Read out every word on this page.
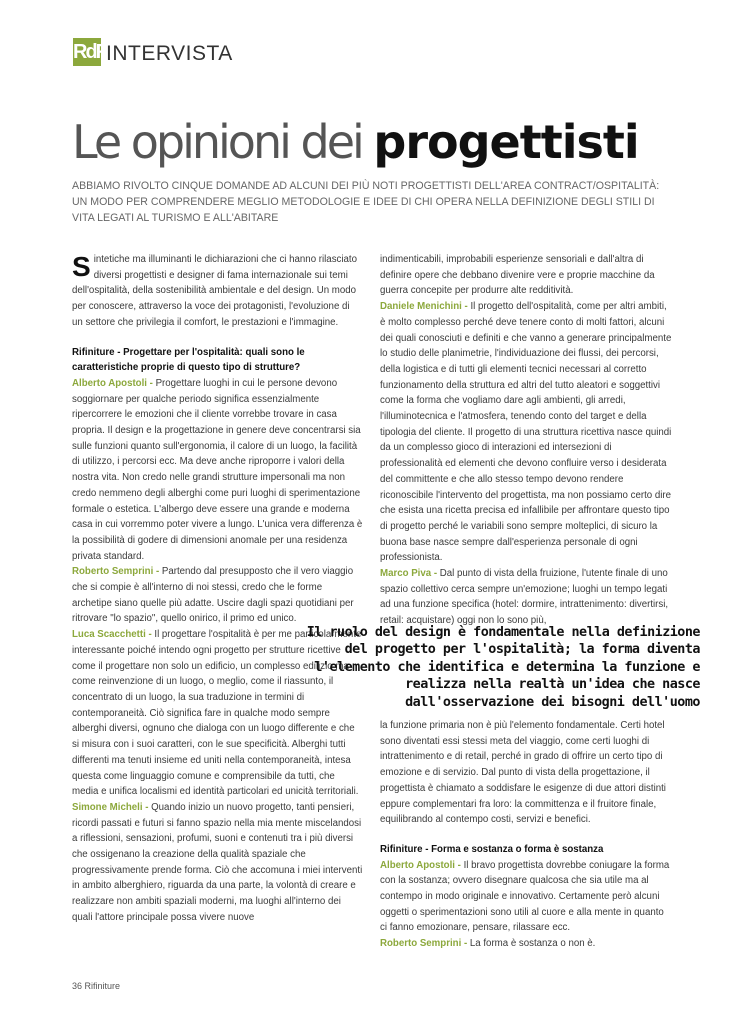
RdF INTERVISTA
Le opinioni dei progettisti
ABBIAMO RIVOLTO CINQUE DOMANDE AD ALCUNI DEI PIÙ NOTI PROGETTISTI DELL'AREA CONTRACT/OSPITALITÀ: UN MODO PER COMPRENDERE MEGLIO METODOLOGIE E IDEE DI CHI OPERA NELLA DEFINIZIONE DEGLI STILI DI VITA LEGATI AL TURISMO E ALL'ABITARE

Sintetiche ma illuminanti le dichiarazioni che ci hanno rilasciato diversi progettisti e designer di fama internazionale sui temi dell'ospitalità, della sostenibilità ambientale e del design. Un modo per conoscere, attraverso la voce dei protagonisti, l'evoluzione di un settore che privilegia il comfort, le prestazioni e l'immagine.

Rifiniture - Progettare per l'ospitalità: quali sono le caratteristiche proprie di questo tipo di strutture?

Alberto Apostoli - Progettare luoghi in cui le persone devono soggiornare per qualche periodo significa essenzialmente ripercorrere le emozioni che il cliente vorrebbe trovare in casa propria. Il design e la progettazione in genere deve concentrarsi sia sulle funzioni quanto sull'ergonomia, il calore di un luogo, la facilità di utilizzo, i percorsi ecc. Ma deve anche riproporre i valori della nostra vita. Non credo nelle grandi strutture impersonali ma non credo nemmeno degli alberghi come puri luoghi di sperimentazione formale o estetica. L'albergo deve essere una grande e moderna casa in cui vorremmo poter vivere a lungo. L'unica vera differenza è la possibilità di godere di dimensioni anomale per una residenza privata standard.

Roberto Semprini - Partendo dal presupposto che il vero viaggio che si compie è all'interno di noi stessi, credo che le forme archetipe siano quelle più adatte. Uscire dagli spazi quotidiani per ritrovare "lo spazio", quello onirico, il primo ed unico.

Luca Scacchetti - Il progettare l'ospitalità è per me particolarmente interessante poiché intendo ogni progetto per strutture ricettive come il progettare non solo un edificio, un complesso edilizio ma come reinvenzione di un luogo, o meglio, come il riassunto, il concentrato di un luogo, la sua traduzione in termini di contemporaneità. Ciò significa fare in qualche modo sempre alberghi diversi, ognuno che dialoga con un luogo differente e che si misura con i suoi caratteri, con le sue specificità. Alberghi tutti differenti ma tenuti insieme ed uniti nella contemporaneità, intesa questa come linguaggio comune e comprensibile da tutti, che media e unifica localismi ed identità particolari ed unicità territoriali.

Simone Micheli - Quando inizio un nuovo progetto, tanti pensieri, ricordi passati e futuri si fanno spazio nella mia mente miscelandosi a riflessioni, sensazioni, profumi, suoni e contenuti tra i più diversi che ossigenano la creazione della qualità spaziale che progressivamente prende forma. Ciò che accomuna i miei interventi in ambito alberghiero, riguarda da una parte, la volontà di creare e realizzare non ambiti spaziali moderni, ma luoghi all'interno dei quali l'attore principale possa vivere nuove

indimenticabili, improbabili esperienze sensoriali e dall'altra di definire opere che debbano divenire vere e proprie macchine da guerra concepite per produrre alte redditività.

Daniele Menichini - Il progetto dell'ospitalità, come per altri ambiti, è molto complesso perché deve tenere conto di molti fattori, alcuni dei quali conosciuti e definiti e che vanno a generare principalmente lo studio delle planimetrie, l'individuazione dei flussi, dei percorsi, della logistica e di tutti gli elementi tecnici necessari al corretto funzionamento della struttura ed altri del tutto aleatori e soggettivi come la forma che vogliamo dare agli ambienti, gli arredi, l'illuminotecnica e l'atmosfera, tenendo conto del target e della tipologia del cliente. Il progetto di una struttura ricettiva nasce quindi da un complesso gioco di interazioni ed intersezioni di professionalità ed elementi che devono confluire verso i desiderata del committente e che allo stesso tempo devono rendere riconoscibile l'intervento del progettista, ma non possiamo certo dire che esista una ricetta precisa ed infallibile per affrontare questo tipo di progetto perché le variabili sono sempre molteplici, di sicuro la buona base nasce sempre dall'esperienza personale di ogni professionista.

Marco Piva - Dal punto di vista della fruizione, l'utente finale di uno spazio collettivo cerca sempre un'emozione; luoghi un tempo legati ad una funzione specifica (hotel: dormire, intrattenimento: divertirsi, retail: acquistare) oggi non lo sono più,

Il ruolo del design è fondamentale nella definizione del progetto per l'ospitalità; la forma diventa l'elemento che identifica e determina la funzione e realizza nella realtà un'idea che nasce dall'osservazione dei bisogni dell'uomo

la funzione primaria non è più l'elemento fondamentale. Certi hotel sono diventati essi stessi meta del viaggio, come certi luoghi di intrattenimento e di retail, perché in grado di offrire un certo tipo di emozione e di servizio. Dal punto di vista della progettazione, il progettista è chiamato a soddisfare le esigenze di due attori distinti eppure complementari fra loro: la committenza e il fruitore finale, equilibrando al contempo costi, servizi e benefici.

Rifiniture - Forma e sostanza o forma è sostanza

Alberto Apostoli - Il bravo progettista dovrebbe coniugare la forma con la sostanza; ovvero disegnare qualcosa che sia utile ma al contempo in modo originale e innovativo. Certamente però alcuni oggetti o sperimentazioni sono utili al cuore e alla mente in quanto ci fanno emozionare, pensare, rilassare ecc.

Roberto Semprini - La forma è sostanza o non è.

36 Rifiniture
